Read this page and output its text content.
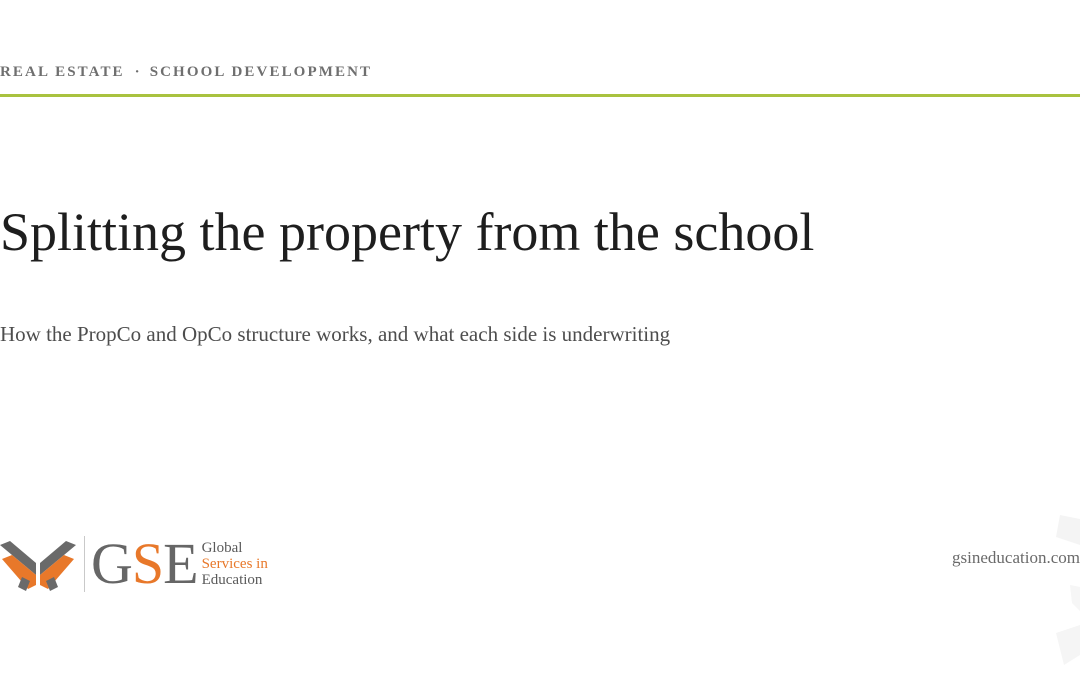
REAL ESTATE · SCHOOL DEVELOPMENT
Splitting the property from the school

How the PropCo and OpCo structure works, and what each side is underwriting

G S E Global
Services in
Education
gsineducation.com
